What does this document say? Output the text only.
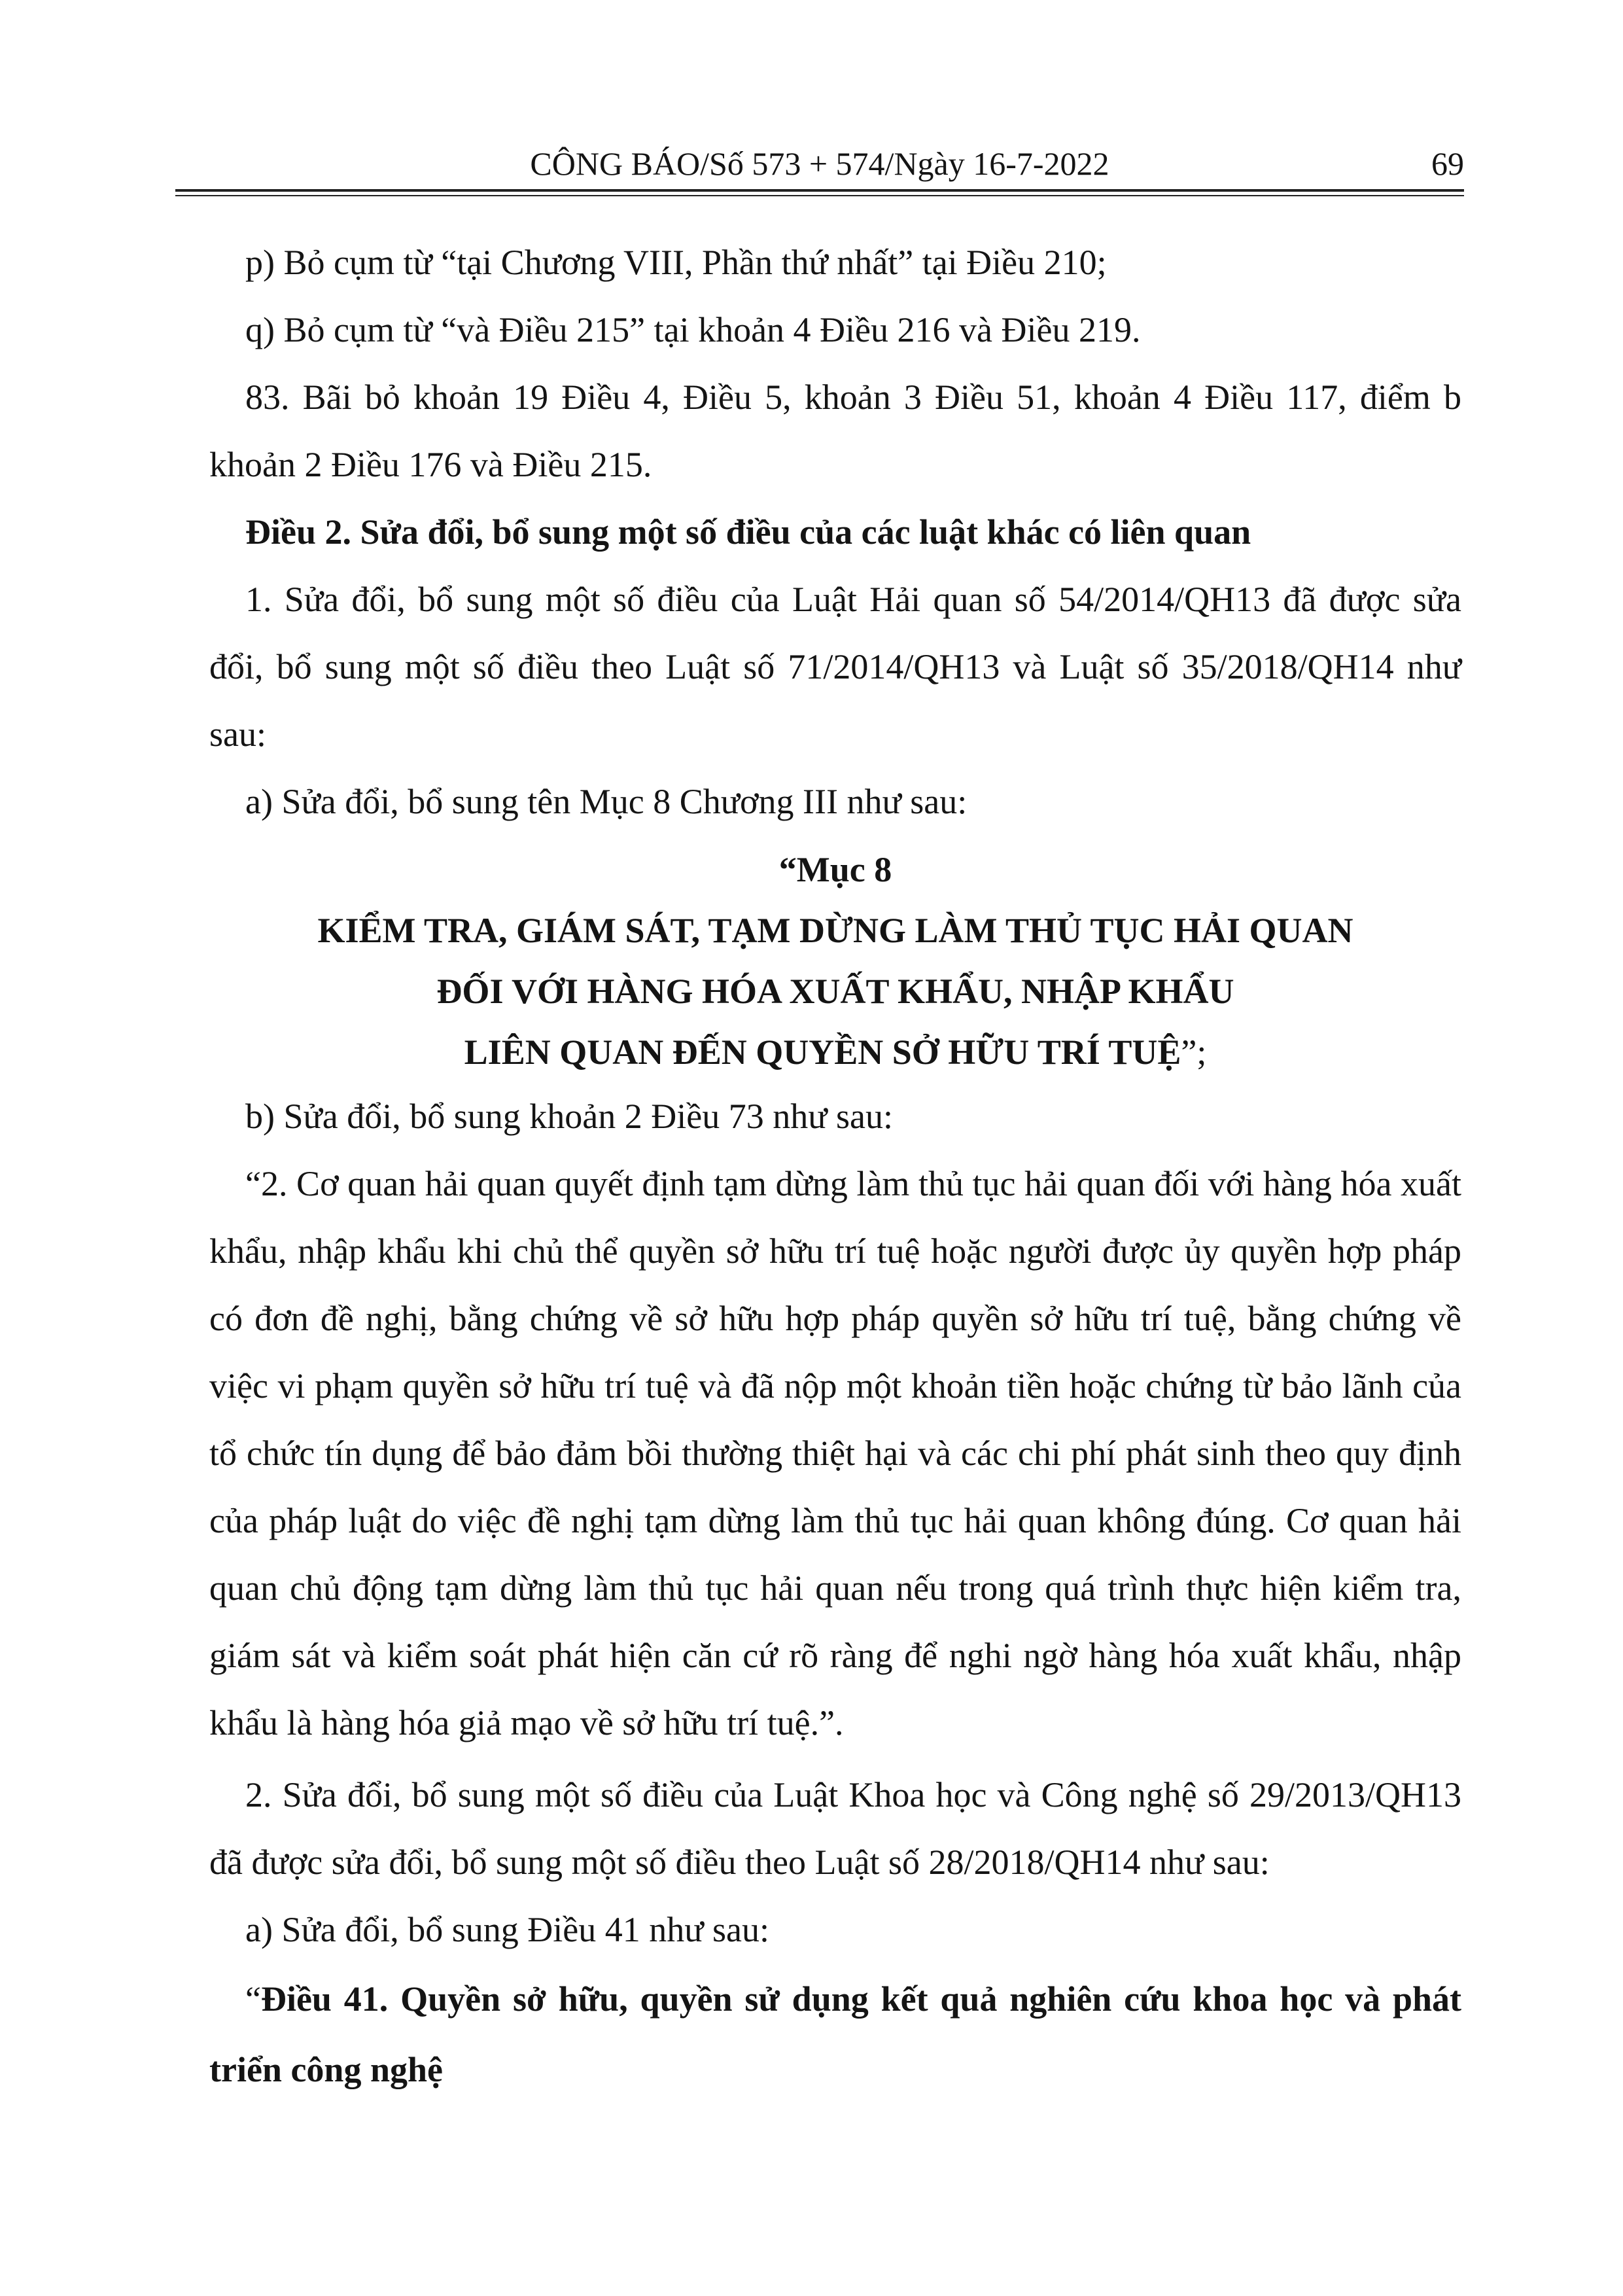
CÔNG BÁO/Số 573 + 574/Ngày 16-7-2022	69

p) Bỏ cụm từ “tại Chương VIII, Phần thứ nhất” tại Điều 210;

q) Bỏ cụm từ “và Điều 215” tại khoản 4 Điều 216 và Điều 219.

83. Bãi bỏ khoản 19 Điều 4, Điều 5, khoản 3 Điều 51, khoản 4 Điều 117, điểm b khoản 2 Điều 176 và Điều 215.

Điều 2. Sửa đổi, bổ sung một số điều của các luật khác có liên quan

1. Sửa đổi, bổ sung một số điều của Luật Hải quan số 54/2014/QH13 đã được sửa đổi, bổ sung một số điều theo Luật số 71/2014/QH13 và Luật số 35/2018/QH14 như sau:

a) Sửa đổi, bổ sung tên Mục 8 Chương III như sau:

“Mục 8
KIỂM TRA, GIÁM SÁT, TẠM DỪNG LÀM THỦ TỤC HẢI QUAN
ĐỐI VỚI HÀNG HÓA XUẤT KHẨU, NHẬP KHẨU
LIÊN QUAN ĐẾN QUYỀN SỞ HỮU TRÍ TUỆ”;

b) Sửa đổi, bổ sung khoản 2 Điều 73 như sau:

“2. Cơ quan hải quan quyết định tạm dừng làm thủ tục hải quan đối với hàng hóa xuất khẩu, nhập khẩu khi chủ thể quyền sở hữu trí tuệ hoặc người được ủy quyền hợp pháp có đơn đề nghị, bằng chứng về sở hữu hợp pháp quyền sở hữu trí tuệ, bằng chứng về việc vi phạm quyền sở hữu trí tuệ và đã nộp một khoản tiền hoặc chứng từ bảo lãnh của tổ chức tín dụng để bảo đảm bồi thường thiệt hại và các chi phí phát sinh theo quy định của pháp luật do việc đề nghị tạm dừng làm thủ tục hải quan không đúng. Cơ quan hải quan chủ động tạm dừng làm thủ tục hải quan nếu trong quá trình thực hiện kiểm tra, giám sát và kiểm soát phát hiện căn cứ rõ ràng để nghi ngờ hàng hóa xuất khẩu, nhập khẩu là hàng hóa giả mạo về sở hữu trí tuệ.”.

2. Sửa đổi, bổ sung một số điều của Luật Khoa học và Công nghệ số 29/2013/QH13 đã được sửa đổi, bổ sung một số điều theo Luật số 28/2018/QH14 như sau:

a) Sửa đổi, bổ sung Điều 41 như sau:

“Điều 41. Quyền sở hữu, quyền sử dụng kết quả nghiên cứu khoa học và phát triển công nghệ
